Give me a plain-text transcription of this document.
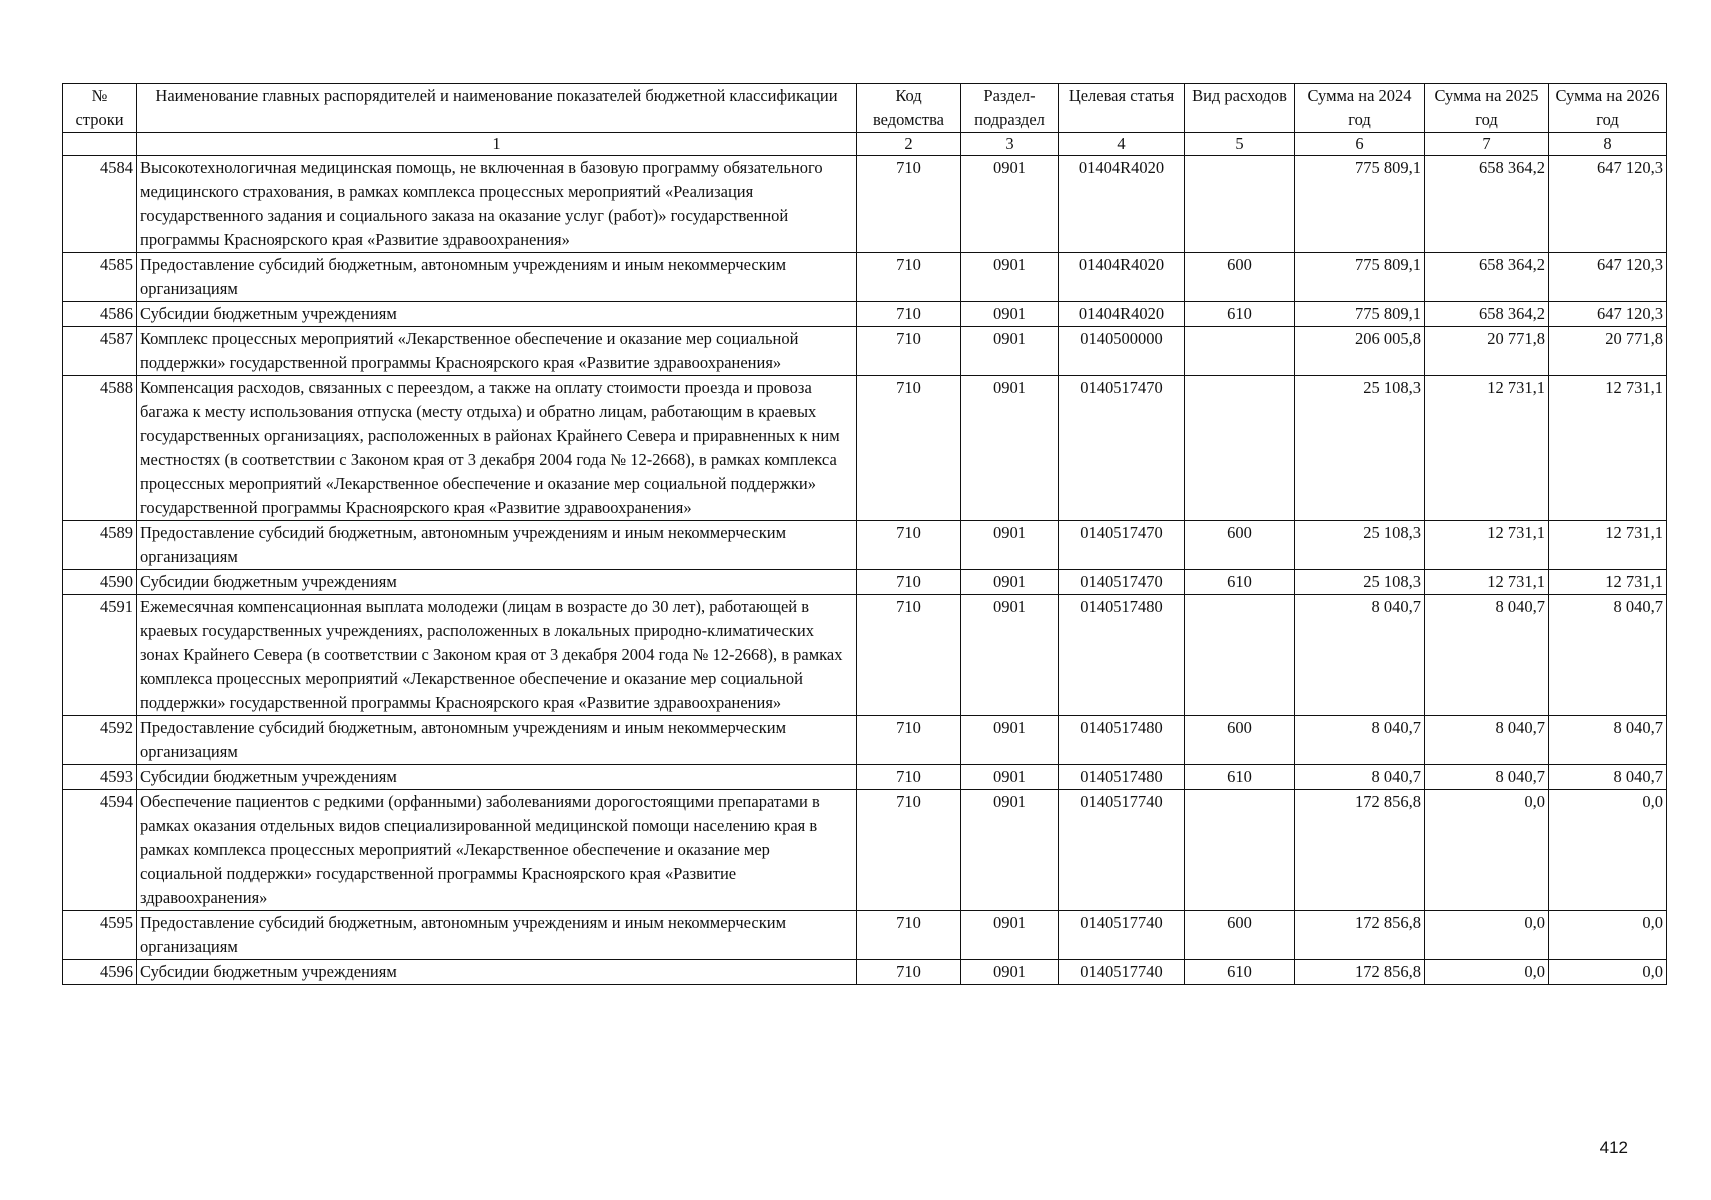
№ строки	Наименование главных распорядителей и наименование показателей бюджетной классификации	Код ведомства	Раздел-подраздел	Целевая статья	Вид расходов	Сумма на 2024 год	Сумма на 2025 год	Сумма на 2026 год
	1	2	3	4	5	6	7	8
4584	Высокотехнологичная медицинская помощь, не включенная в базовую программу обязательного медицинского страхования, в рамках комплекса процессных мероприятий «Реализация государственного задания и социального заказа на оказание услуг (работ)» государственной программы Красноярского края «Развитие здравоохранения»	710	0901	01404R4020		775 809,1	658 364,2	647 120,3
4585	Предоставление субсидий бюджетным, автономным учреждениям и иным некоммерческим организациям	710	0901	01404R4020	600	775 809,1	658 364,2	647 120,3
4586	Субсидии бюджетным учреждениям	710	0901	01404R4020	610	775 809,1	658 364,2	647 120,3
4587	Комплекс процессных мероприятий «Лекарственное обеспечение и оказание мер социальной поддержки» государственной программы Красноярского края «Развитие здравоохранения»	710	0901	0140500000		206 005,8	20 771,8	20 771,8
4588	Компенсация расходов, связанных с переездом, а также на оплату стоимости проезда и провоза багажа к месту использования отпуска (месту отдыха) и обратно лицам, работающим в краевых государственных организациях, расположенных в районах Крайнего Севера и приравненных к ним местностях (в соответствии с Законом края от 3 декабря 2004 года № 12-2668), в рамках комплекса процессных мероприятий «Лекарственное обеспечение и оказание мер социальной поддержки» государственной программы Красноярского края «Развитие здравоохранения»	710	0901	0140517470		25 108,3	12 731,1	12 731,1
4589	Предоставление субсидий бюджетным, автономным учреждениям и иным некоммерческим организациям	710	0901	0140517470	600	25 108,3	12 731,1	12 731,1
4590	Субсидии бюджетным учреждениям	710	0901	0140517470	610	25 108,3	12 731,1	12 731,1
4591	Ежемесячная компенсационная выплата молодежи (лицам в возрасте до 30 лет), работающей в краевых государственных учреждениях, расположенных в локальных природно-климатических зонах Крайнего Севера (в соответствии с Законом края от 3 декабря 2004 года № 12-2668), в рамках комплекса процессных мероприятий «Лекарственное обеспечение и оказание мер социальной поддержки» государственной программы Красноярского края «Развитие здравоохранения»	710	0901	0140517480		8 040,7	8 040,7	8 040,7
4592	Предоставление субсидий бюджетным, автономным учреждениям и иным некоммерческим организациям	710	0901	0140517480	600	8 040,7	8 040,7	8 040,7
4593	Субсидии бюджетным учреждениям	710	0901	0140517480	610	8 040,7	8 040,7	8 040,7
4594	Обеспечение пациентов с редкими (орфанными) заболеваниями дорогостоящими препаратами в рамках оказания отдельных видов специализированной медицинской помощи населению края в рамках комплекса процессных мероприятий «Лекарственное обеспечение и оказание мер социальной поддержки» государственной программы Красноярского края «Развитие здравоохранения»	710	0901	0140517740		172 856,8	0,0	0,0
4595	Предоставление субсидий бюджетным, автономным учреждениям и иным некоммерческим организациям	710	0901	0140517740	600	172 856,8	0,0	0,0
4596	Субсидии бюджетным учреждениям	710	0901	0140517740	610	172 856,8	0,0	0,0
412
